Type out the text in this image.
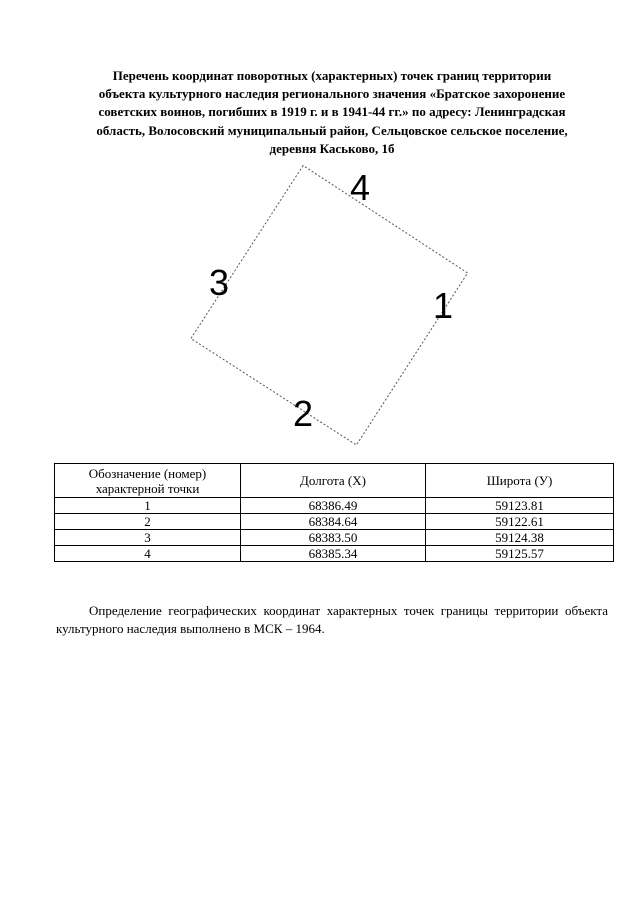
Перечень координат поворотных (характерных) точек границ территории
объекта культурного наследия регионального значения «Братское захоронение
советских воинов, погибших в 1919 г. и в 1941-44 гг.» по адресу: Ленинградская
область, Волосовский муниципальный район, Сельцовское сельское поселение,
деревня Каськово, 1б
1
2
3
4
Обозначение (номер) характерной точки	Долгота (X)	Широта (У)
1	68386.49	59123.81
2	68384.64	59122.61
3	68383.50	59124.38
4	68385.34	59125.57

Определение географических координат характерных точек границы территории объекта культурного наследия выполнено в МСК – 1964.
